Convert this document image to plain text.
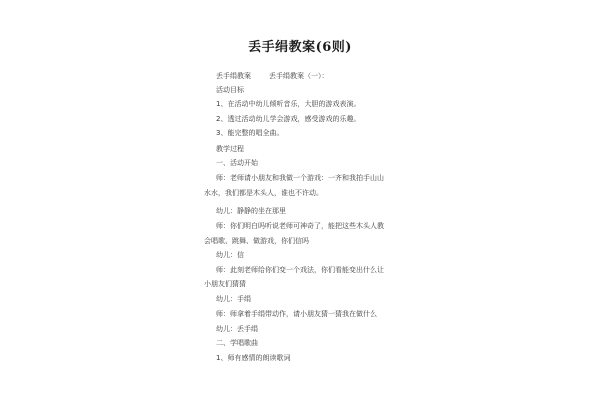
丢手绢教案(6则)
丢手绢教案	丢手绢教案（一）：
活动目标
1、在活动中幼儿倾听音乐，大胆的游戏表演。
2、透过活动幼儿学会游戏，感受游戏的乐趣。
3、能完整的唱全曲。
教学过程
一、活动开始
师：老师请小朋友和我做一个游戏：一齐和我拍手山山
水水，我们都是木头人，谁也不许动。
幼儿：静静的坐在那里
师：你们明白吗听说老师可神奇了，能把这些木头人教
会唱歌、跳舞、做游戏，你们信吗
幼儿：信
师：此刻老师给你们变一个戏法，你们看能变出什么让
小朋友们猜猜
幼儿：手绢
师：师拿着手绢带动作，请小朋友猜一猜我在做什么
幼儿：丢手绢
二、学唱歌曲
1、师有感情的朗读歌词
